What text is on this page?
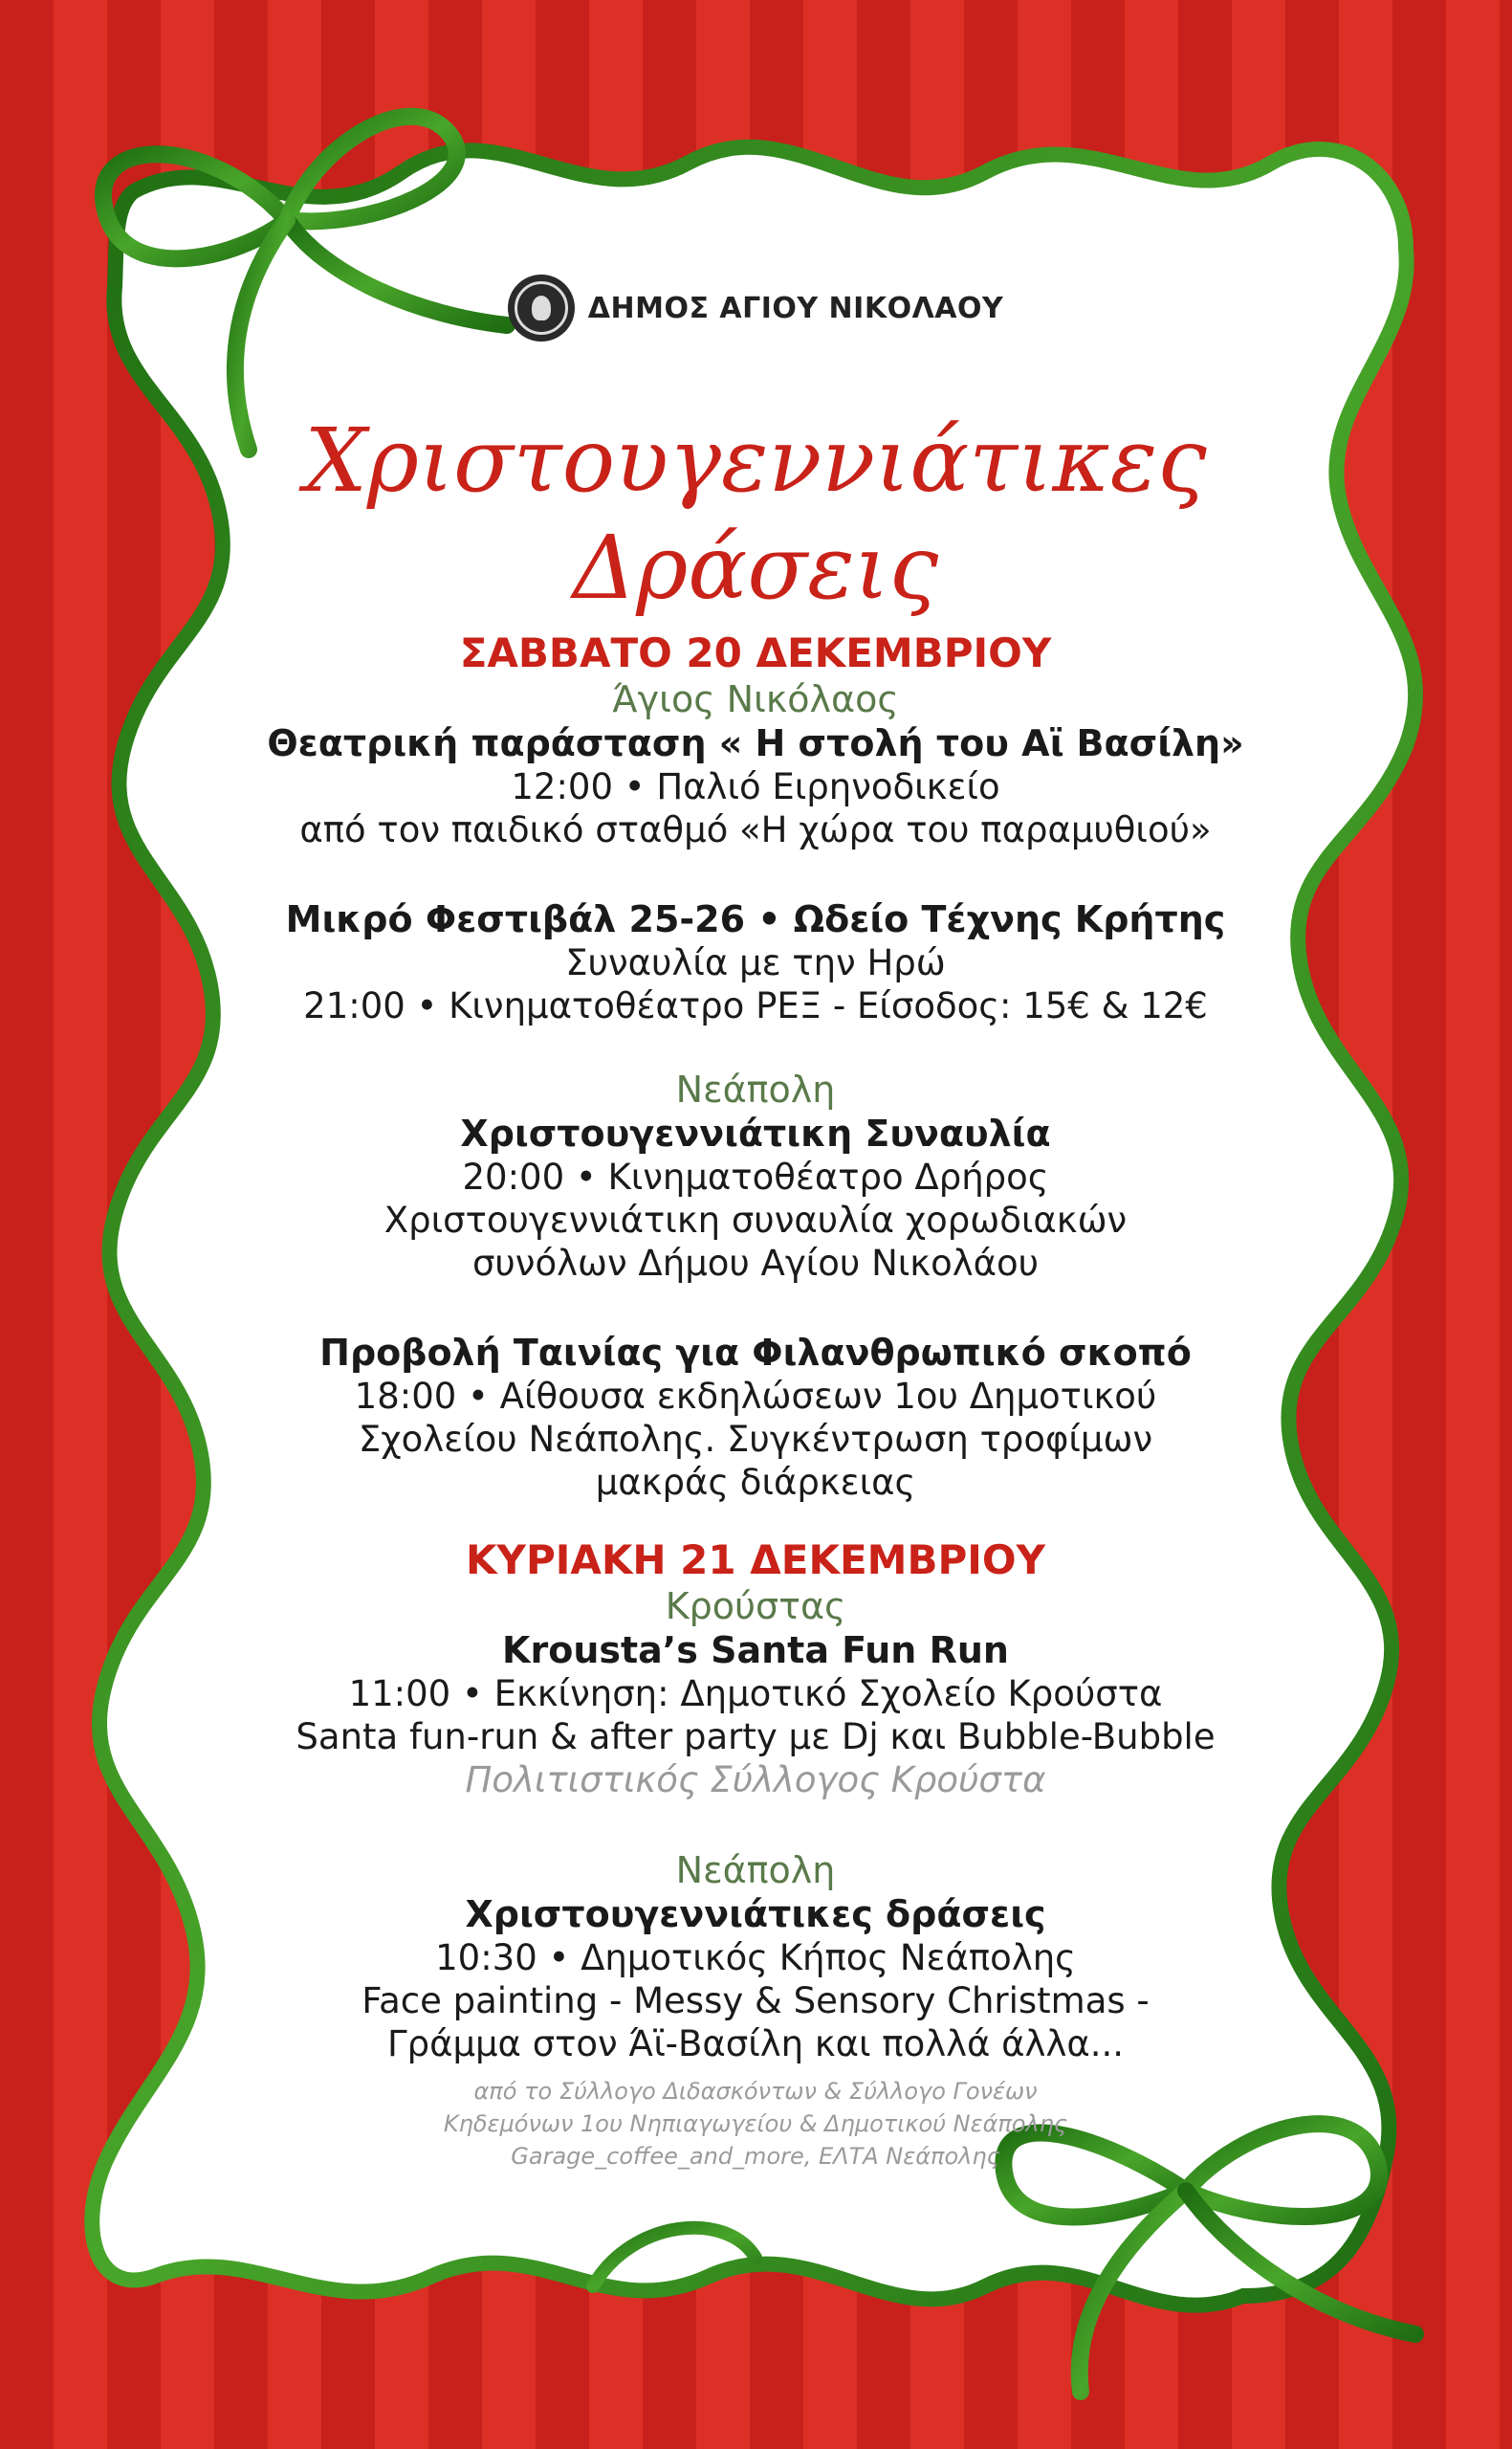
ΔΗΜΟΣ ΑΓΙΟΥ ΝΙΚΟΛΑΟΥ
Χριστουγεννιάτικες
Δράσεις
ΣΑΒΒΑΤΟ 20 ΔΕΚΕΜΒΡΙΟΥ
Άγιος Νικόλαος
Θεατρική παράσταση « Η στολή του Αϊ Βασίλη»
12:00 • Παλιό Ειρηνοδικείο
από τον παιδικό σταθμό «Η χώρα του παραμυθιού»
Μικρό Φεστιβάλ 25-26 • Ωδείο Τέχνης Κρήτης
Συναυλία με την Ηρώ
21:00 • Κινηματοθέατρο ΡΕΞ - Είσοδος: 15€ & 12€
Νεάπολη
Χριστουγεννιάτικη Συναυλία
20:00 • Κινηματοθέατρο Δρήρος
Χριστουγεννιάτικη συναυλία χορωδιακών
συνόλων Δήμου Αγίου Νικολάου
Προβολή Ταινίας για Φιλανθρωπικό σκοπό
18:00 • Αίθουσα εκδηλώσεων 1ου Δημοτικού
Σχολείου Νεάπολης. Συγκέντρωση τροφίμων
μακράς διάρκειας
ΚΥΡΙΑΚΗ 21 ΔΕΚΕΜΒΡΙΟΥ
Κρούστας
Krousta’s Santa Fun Run
11:00 • Εκκίνηση: Δημοτικό Σχολείο Κρούστα
Santa fun-run & after party με Dj και Bubble-Bubble
Πολιτιστικός Σύλλογος Κρούστα
Νεάπολη
Χριστουγεννιάτικες δράσεις
10:30 • Δημοτικός Κήπος Νεάπολης
Face painting - Messy & Sensory Christmas -
Γράμμα στον Άϊ-Βασίλη και πολλά άλλα...
από το Σύλλογο Διδασκόντων & Σύλλογο Γονέων
Κηδεμόνων 1ου Νηπιαγωγείου & Δημοτικού Νεάπολης
Garage_coffee_and_more, ΕΛΤΑ Νεάπολης
